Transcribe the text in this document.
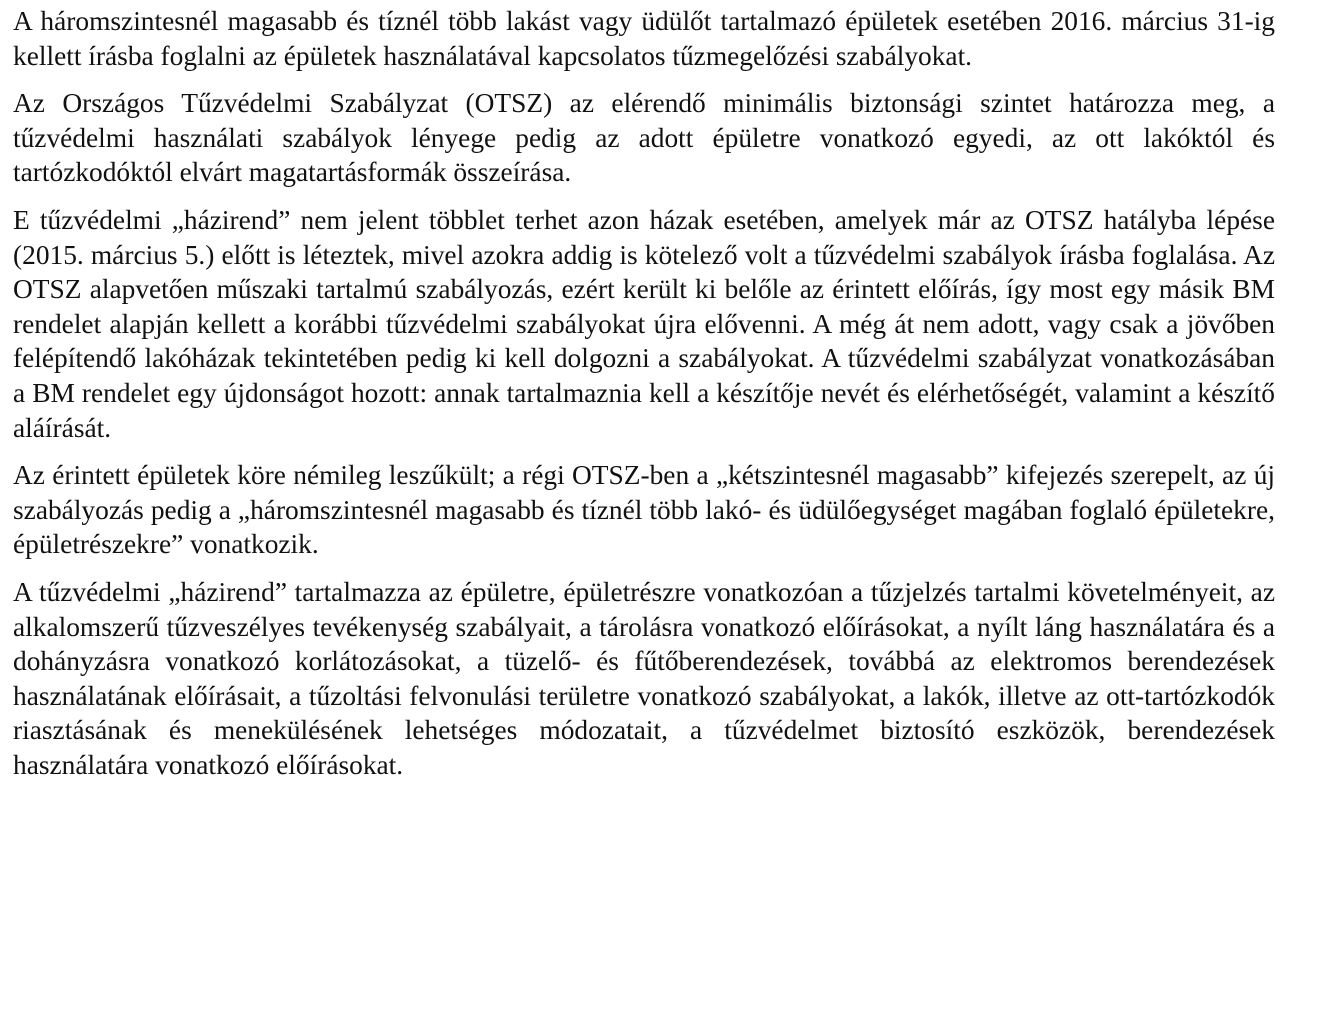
A háromszintesnél magasabb és tíznél több lakást vagy üdülőt tartalmazó épületek esetében 2016. március 31-ig kellett írásba foglalni az épületek használatával kapcsolatos tűzmegelőzési szabályokat.

Az Országos Tűzvédelmi Szabályzat (OTSZ) az elérendő minimális biztonsági szintet határozza meg, a tűzvédelmi használati szabályok lényege pedig az adott épületre vonatkozó egyedi, az ott lakóktól és tartózkodóktól elvárt magatartásformák összeírása.

E tűzvédelmi „házirend” nem jelent többlet terhet azon házak esetében, amelyek már az OTSZ hatályba lépése (2015. március 5.) előtt is léteztek, mivel azokra addig is kötelező volt a tűzvédelmi szabályok írásba foglalása. Az OTSZ alapvetően műszaki tartalmú szabályozás, ezért került ki belőle az érintett előírás, így most egy másik BM rendelet alapján kellett a korábbi tűzvédelmi szabályokat újra elővenni. A még át nem adott, vagy csak a jövőben felépítendő lakóházak tekintetében pedig ki kell dolgozni a szabályokat. A tűzvédelmi szabályzat vonatkozásában a BM rendelet egy újdonságot hozott: annak tartalmaznia kell a készítője nevét és elérhetőségét, valamint a készítő aláírását.

Az érintett épületek köre némileg leszűkült; a régi OTSZ-ben a „kétszintesnél magasabb” kifejezés szerepelt, az új szabályozás pedig a „háromszintesnél magasabb és tíznél több lakó- és üdülőegységet magában foglaló épületekre, épületrészekre” vonatkozik.

A tűzvédelmi „házirend” tartalmazza az épületre, épületrészre vonatkozóan a tűzjelzés tartalmi követelményeit, az alkalomszerű tűzveszélyes tevékenység szabályait, a tárolásra vonatkozó előírásokat, a nyílt láng használatára és a dohányzásra vonatkozó korlátozásokat, a tüzelő- és fűtőberendezések, továbbá az elektromos berendezések használatának előírásait, a tűzoltási felvonulási területre vonatkozó szabályokat, a lakók, illetve az ott-tartózkodók riasztásának és menekülésének lehetséges módozatait, a tűzvédelmet biztosító eszközök, berendezések használatára vonatkozó előírásokat.
